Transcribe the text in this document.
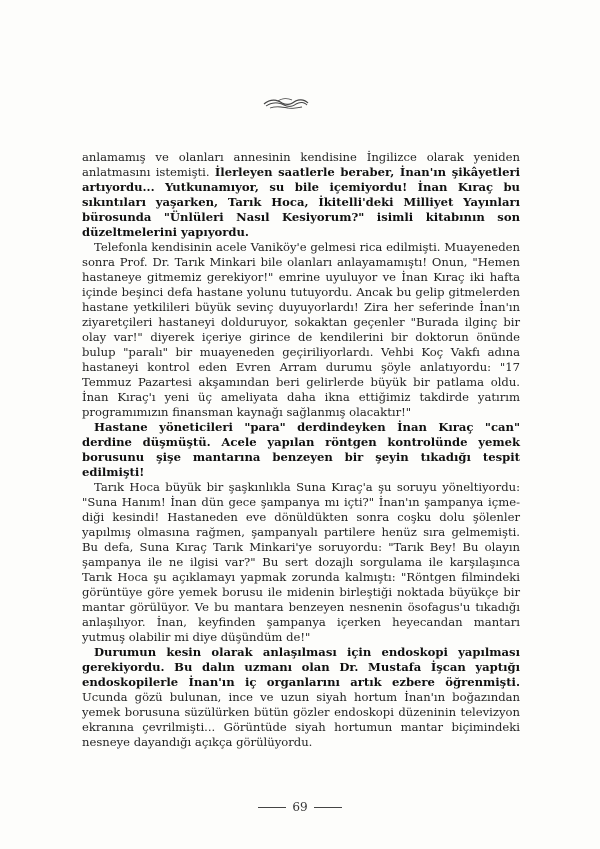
anlamamış ve olanları annesinin kendisine İngilizce olarak yeniden anlatmasını istemişti. İlerleyen saatlerle beraber, İnan'ın şikâyetleri artıyordu... Yutkunamıyor, su bile içemiyordu! İnan Kıraç bu sıkıntıları yaşarken, Tarık Hoca, İkitelli'deki Milliyet Yayınları bürosunda "Ünlüleri Nasıl Kesiyorum?" isimli kitabının son düzeltmelerini yapıyordu.

Telefonla kendisinin acele Vaniköy'e gelmesi rica edilmişti. Muayeneden sonra Prof. Dr. Tarık Minkari bile olanları anlayamamıştı! Onun, "Hemen hastaneye gitmemiz gerekiyor!" emrine uyuluyor ve İnan Kıraç iki hafta içinde beşinci defa hastane yolunu tutuyordu. Ancak bu gelip gitmelerden hastane yetkilileri büyük sevinç duyuyorlardı! Zira her seferinde İnan'ın ziyaretçileri hastaneyi dolduruyor, sokaktan geçenler "Burada ilginç bir olay var!" diyerek içeriye girince de kendilerini bir doktorun önünde bulup "paralı" bir muayeneden geçiriliyorlardı. Vehbi Koç Vakfı adına hastaneyi kontrol eden Evren Arram durumu şöyle anlatıyordu: "17 Temmuz Pazartesi akşamından beri gelirlerde büyük bir patlama oldu. İnan Kıraç'ı yeni üç ameliyata daha ikna ettiğimiz takdirde yatırım programımızın finansman kaynağı sağlanmış olacaktır!"

Hastane yöneticileri "para" derdindeyken İnan Kıraç "can" derdine düşmüştü. Acele yapılan röntgen kontrolünde yemek borusunu şişe mantarına benzeyen bir şeyin tıkadığı tespit edilmişti!

Tarık Hoca büyük bir şaşkınlıkla Suna Kıraç'a şu soruyu yöneltiyordu: "Suna Hanım! İnan dün gece şampanya mı içti?" İnan'ın şampanya içmediği kesindi! Hastaneden eve dönüldükten sonra coşku dolu şölenler yapılmış olmasına rağmen, şampanyalı partilere henüz sıra gelmemişti. Bu defa, Suna Kıraç Tarık Minkari'ye soruyordu: "Tarık Bey! Bu olayın şampanya ile ne ilgisi var?" Bu sert dozajlı sorgulama ile karşılaşınca Tarık Hoca şu açıklamayı yapmak zorunda kalmıştı: "Röntgen filmindeki görüntüye göre yemek borusu ile midenin birleştiği noktada büyükçe bir mantar görülüyor. Ve bu mantara benzeyen nesnenin ösofagus'u tıkadığı anlaşılıyor. İnan, keyfinden şampanya içerken heyecandan mantarı yutmuş olabilir mi diye düşündüm de!"

Durumun kesin olarak anlaşılması için endoskopi yapılması gerekiyordu. Bu dalın uzmanı olan Dr. Mustafa İşcan yaptığı endoskopilerle İnan'ın iç organlarını artık ezbere öğrenmişti. Ucunda gözü bulunan, ince ve uzun siyah hortum İnan'ın boğazından yemek borusuna süzülürken bütün gözler endoskopi düzeninin televizyon ekranına çevrilmişti... Görüntüde siyah hortumun mantar biçimindeki nesneye dayandığı açıkça görülüyordu.

69
